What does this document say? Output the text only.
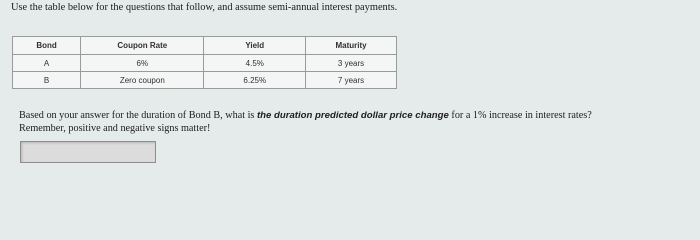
Use the table below for the questions that follow, and assume semi-annual interest payments.
Bond	Coupon Rate	Yield	Maturity
A	6%	4.5%	3 years
B	Zero coupon	6.25%	7 years
Based on your answer for the duration of Bond B, what is the duration predicted dollar price change for a 1% increase in interest rates?
Remember, positive and negative signs matter!
